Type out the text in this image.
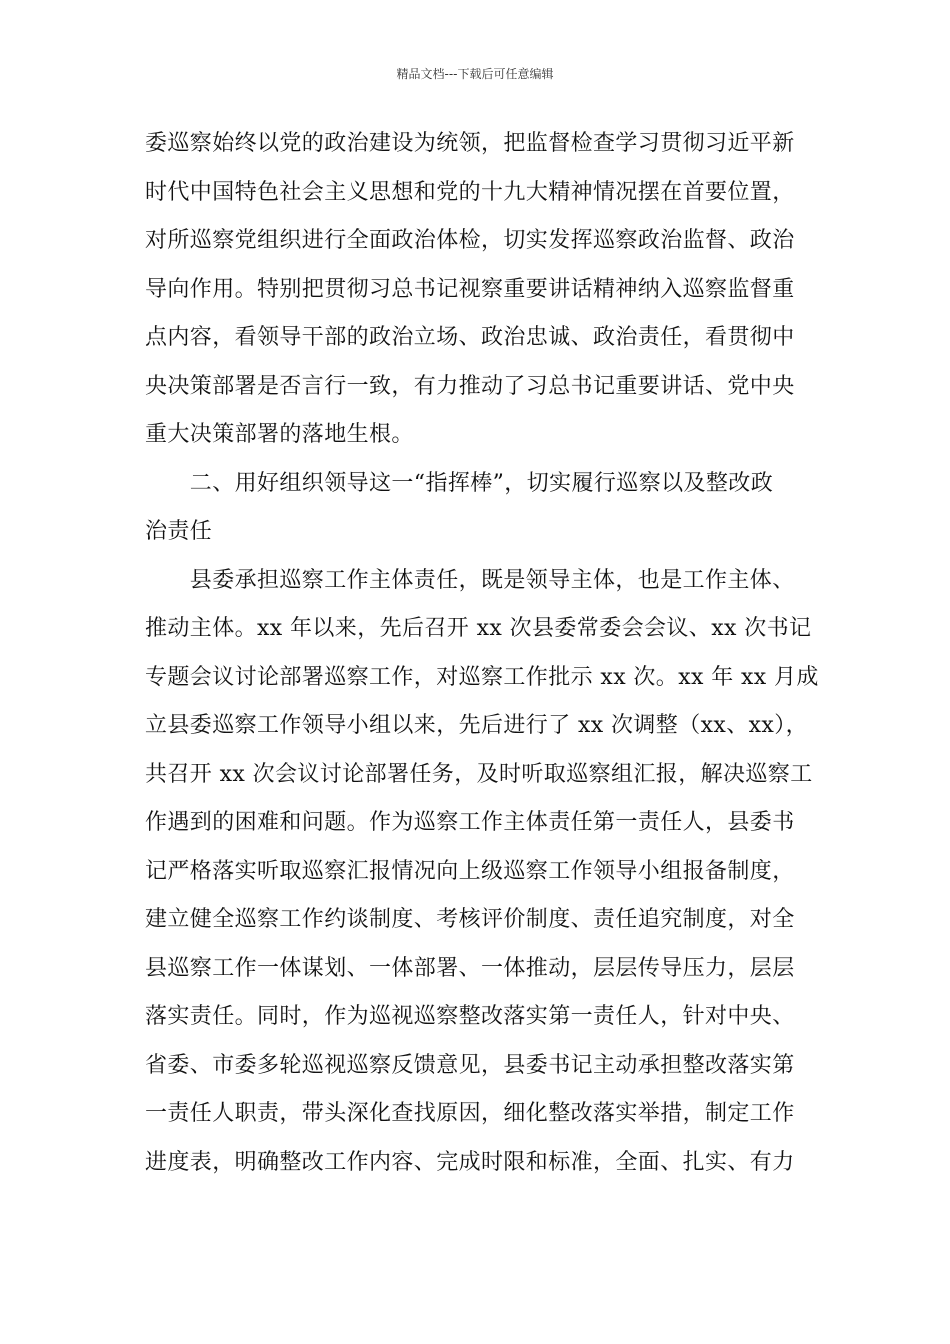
精品文档---下载后可任意编辑
委巡察始终以党的政治建设为统领，把监督检查学习贯彻习近平新
时代中国特色社会主义思想和党的十九大精神情况摆在首要位置，
对所巡察党组织进行全面政治体检，切实发挥巡察政治监督、政治
导向作用。特别把贯彻习总书记视察重要讲话精神纳入巡察监督重
点内容，看领导干部的政治立场、政治忠诚、政治责任，看贯彻中
央决策部署是否言行一致，有力推动了习总书记重要讲话、党中央
重大决策部署的落地生根。
　　二、用好组织领导这一“指挥棒”，切实履行巡察以及整改政
治责任
　　县委承担巡察工作主体责任，既是领导主体，也是工作主体、
推动主体。xx 年以来，先后召开 xx 次县委常委会会议、xx 次书记
专题会议讨论部署巡察工作，对巡察工作批示 xx 次。xx 年 xx 月成
立县委巡察工作领导小组以来，先后进行了 xx 次调整（xx、xx），
共召开 xx 次会议讨论部署任务，及时听取巡察组汇报，解决巡察工
作遇到的困难和问题。作为巡察工作主体责任第一责任人，县委书
记严格落实听取巡察汇报情况向上级巡察工作领导小组报备制度，
建立健全巡察工作约谈制度、考核评价制度、责任追究制度，对全
县巡察工作一体谋划、一体部署、一体推动，层层传导压力，层层
落实责任。同时，作为巡视巡察整改落实第一责任人，针对中央、
省委、市委多轮巡视巡察反馈意见，县委书记主动承担整改落实第
一责任人职责，带头深化查找原因，细化整改落实举措，制定工作
进度表，明确整改工作内容、完成时限和标准，全面、扎实、有力
